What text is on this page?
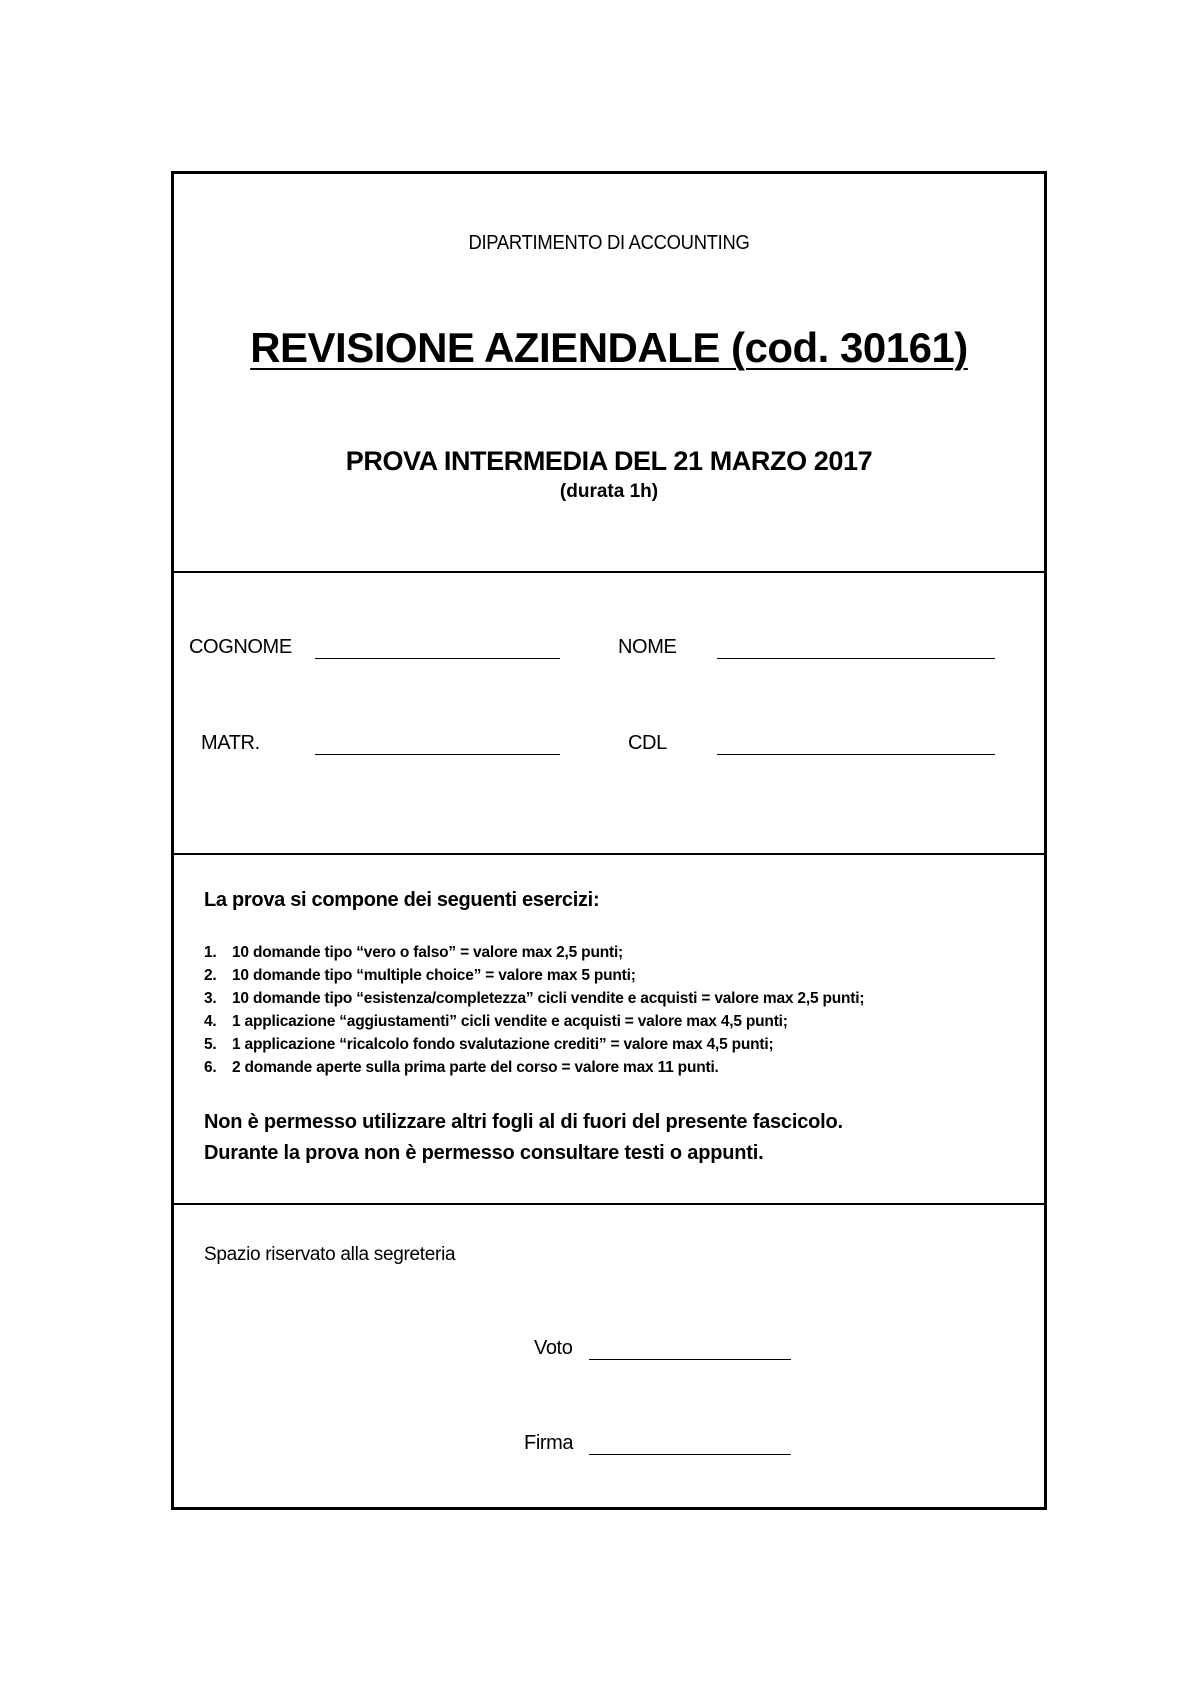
DIPARTIMENTO DI ACCOUNTING
REVISIONE AZIENDALE (cod. 30161)
PROVA INTERMEDIA DEL 21 MARZO 2017
(durata 1h)
COGNOME	NOME
MATR.	CDL
La prova si compone dei seguenti esercizi:
1. 10 domande tipo “vero o falso” = valore max 2,5 punti;
2. 10 domande tipo “multiple choice” = valore max 5 punti;
3. 10 domande tipo “esistenza/completezza” cicli vendite e acquisti = valore max 2,5 punti;
4. 1 applicazione “aggiustamenti” cicli vendite e acquisti = valore max 4,5 punti;
5. 1 applicazione “ricalcolo fondo svalutazione crediti” = valore max 4,5 punti;
6. 2 domande aperte sulla prima parte del corso = valore max 11 punti.
Non è permesso utilizzare altri fogli al di fuori del presente fascicolo.
Durante la prova non è permesso consultare testi o appunti.
Spazio riservato alla segreteria
Voto
Firma
